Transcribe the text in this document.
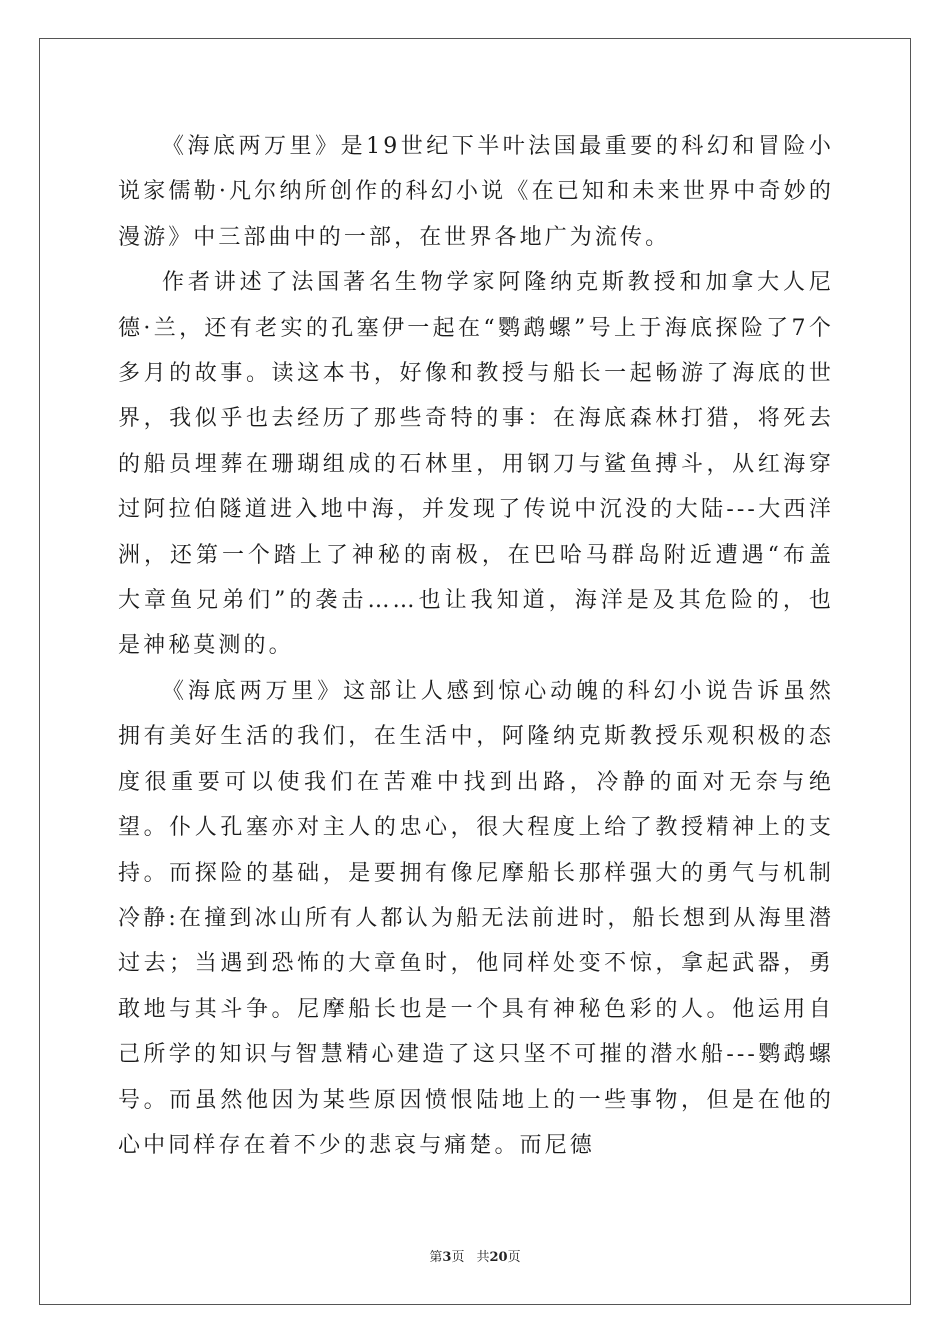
《海底两万里》是19世纪下半叶法国最重要的科幻和冒险小说家儒勒·凡尔纳所创作的科幻小说《在已知和未来世界中奇妙的漫游》中三部曲中的一部，在世界各地广为流传。

作者讲述了法国著名生物学家阿隆纳克斯教授和加拿大人尼德·兰，还有老实的孔塞伊一起在“鹦鹉螺”号上于海底探险了7个多月的故事。读这本书，好像和教授与船长一起畅游了海底的世界，我似乎也去经历了那些奇特的事：在海底森林打猎，将死去的船员埋葬在珊瑚组成的石林里，用钢刀与鲨鱼搏斗，从红海穿过阿拉伯隧道进入地中海，并发现了传说中沉没的大陆---大西洋洲，还第一个踏上了神秘的南极，在巴哈马群岛附近遭遇“布盖大章鱼兄弟们”的袭击……也让我知道，海洋是及其危险的，也是神秘莫测的。

《海底两万里》这部让人感到惊心动魄的科幻小说告诉虽然拥有美好生活的我们，在生活中，阿隆纳克斯教授乐观积极的态度很重要可以使我们在苦难中找到出路，冷静的面对无奈与绝望。仆人孔塞亦对主人的忠心，很大程度上给了教授精神上的支持。而探险的基础，是要拥有像尼摩船长那样强大的勇气与机制冷静:在撞到冰山所有人都认为船无法前进时，船长想到从海里潜过去；当遇到恐怖的大章鱼时，他同样处变不惊，拿起武器，勇敢地与其斗争。尼摩船长也是一个具有神秘色彩的人。他运用自己所学的知识与智慧精心建造了这只坚不可摧的潜水船---鹦鹉螺号。而虽然他因为某些原因愤恨陆地上的一些事物，但是在他的心中同样存在着不少的悲哀与痛楚。而尼德

第3页 共20页
